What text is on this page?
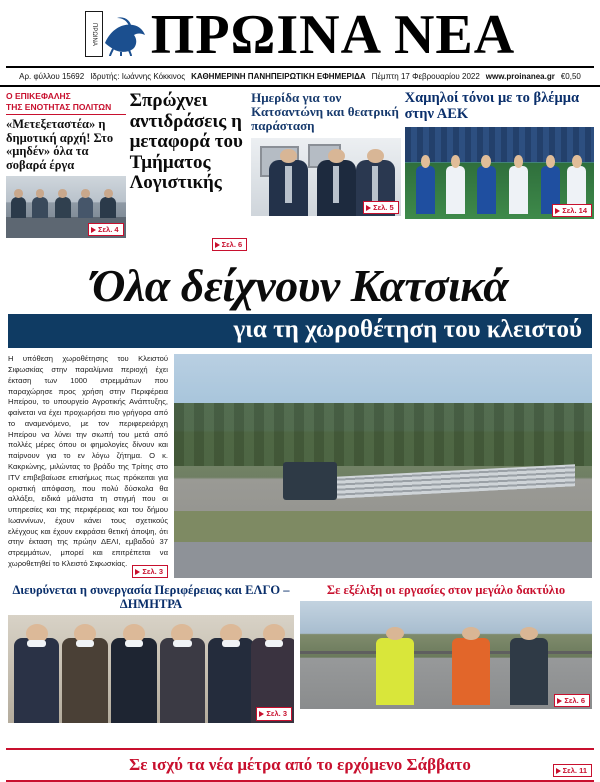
ΠΡΩΙΝΑ ΠΡΩΙΝΑ ΝΕΑ
Αρ. φύλλου 15692 Ιδρυτής: Ιωάννης Κόκκινος ΚΑΘΗΜΕΡΙΝΗ ΠΑΝΗΠΕΙΡΩΤΙΚΗ ΕΦΗΜΕΡΙΔΑ Πέμπτη 17 Φεβρουαρίου 2022 www.proinanea.gr €0,50
Ο ΕΠΙΚΕΦΑΛΗΣ
ΤΗΣ ΕΝΟΤΗΤΑΣ ΠΟΛΙΤΩΝ
«Μετεξεταστέα» η δημοτική αρχή! Στο «μηδέν» όλα τα σοβαρά έργα
Σελ. 4
Σπρώχνει αντιδράσεις η μεταφορά του Τμήματος Λογιστικής
Σελ. 6
Ημερίδα για τον Κατσαντώνη και θεατρική παράσταση
Σελ. 5
Χαμηλοί τόνοι με το βλέμμα στην ΑΕΚ
Σελ. 14
Όλα δείχνουν Κατσικά
για τη χωροθέτηση του κλειστού
Η υπόθεση χωροθέτησης του Κλειστού Σιφωσκίας στην παραλίμνια περιοχή έχει έκταση των 1000 στρεμμάτων που παραχώρησε προς χρήση στην Περιφέρεια Ηπείρου, το υπουργείο Αγροτικής Ανάπτυξης, φαίνεται να έχει προχωρήσει πιο γρήγορα από το αναμενόμενο, με τον περιφερειάρχη Ηπείρου να λύνει την σιωπή του μετά από πολλές μέρες όπου οι φημολογίες δίνουν και παίρνουν για το εν λόγω ζήτημα. Ο κ. Κακριώνης, μιλώντας το βράδυ της Τρίτης στο ITV επιβεβαίωσε επισήμως πως πρόκειται για οριστική απόφαση, που πολύ δύσκολα θα αλλάξει, ειδικά μάλιστα τη στιγμή που οι υπηρεσίες και της περιφέρειας και του δήμου Ιωαννίνων, έχουν κάνει τους σχετικούς ελέγχους και έχουν εκφράσει θετική άποψη, ότι στην έκταση της πρώην ΔΕΛΙ, εμβαδού 37 στρεμμάτων, μπορεί και επιτρέπεται να χωροθετηθεί το Κλειστό Σιφωσκίας.
Σελ. 3
Διευρύνεται η συνεργασία Περιφέρειας και ΕΛΓΟ –ΔΗΜΗΤΡΑ
Σελ. 3
Σε εξέλιξη οι εργασίες στον μεγάλο δακτύλιο
Σελ. 6
Σε ισχύ τα νέα μέτρα από το ερχόμενο Σάββατο	Σελ. 11
